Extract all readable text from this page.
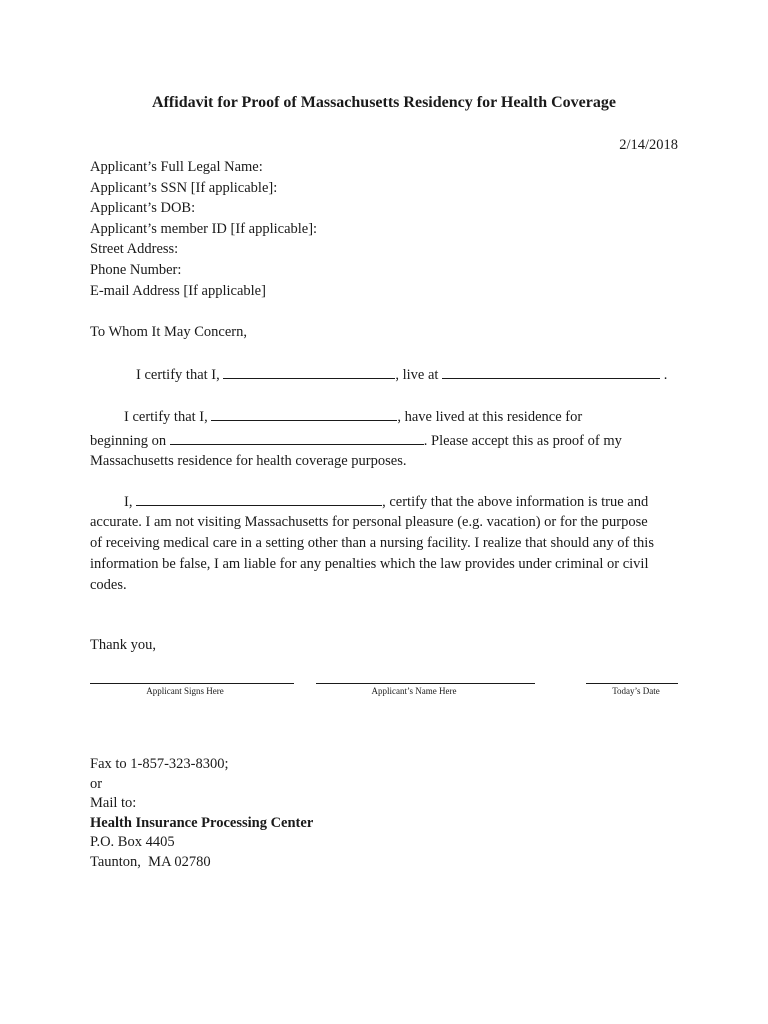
Affidavit for Proof of Massachusetts Residency for Health Coverage
2/14/2018
Applicant’s Full Legal Name:
Applicant’s SSN [If applicable]:
Applicant’s DOB:
Applicant’s member ID [If applicable]:
Street Address:
Phone Number:
E-mail Address [If applicable]
To Whom It May Concern,
I certify that I,	, live at	.
I certify that I,	, have lived at this residence for
beginning on	. Please accept this as proof of my
Massachusetts residence for health coverage purposes.
I,	, certify that the above information is true and
accurate. I am not visiting Massachusetts for personal pleasure (e.g. vacation) or for the purpose
of receiving medical care in a setting other than a nursing facility. I realize that should any of this
information be false, I am liable for any penalties which the law provides under criminal or civil
codes.
Thank you,
Applicant Signs Here	Applicant’s Name Here	Today’s Date
Fax to 1-857-323-8300;
or
Mail to:
Health Insurance Processing Center
P.O. Box 4405
Taunton,  MA 02780
